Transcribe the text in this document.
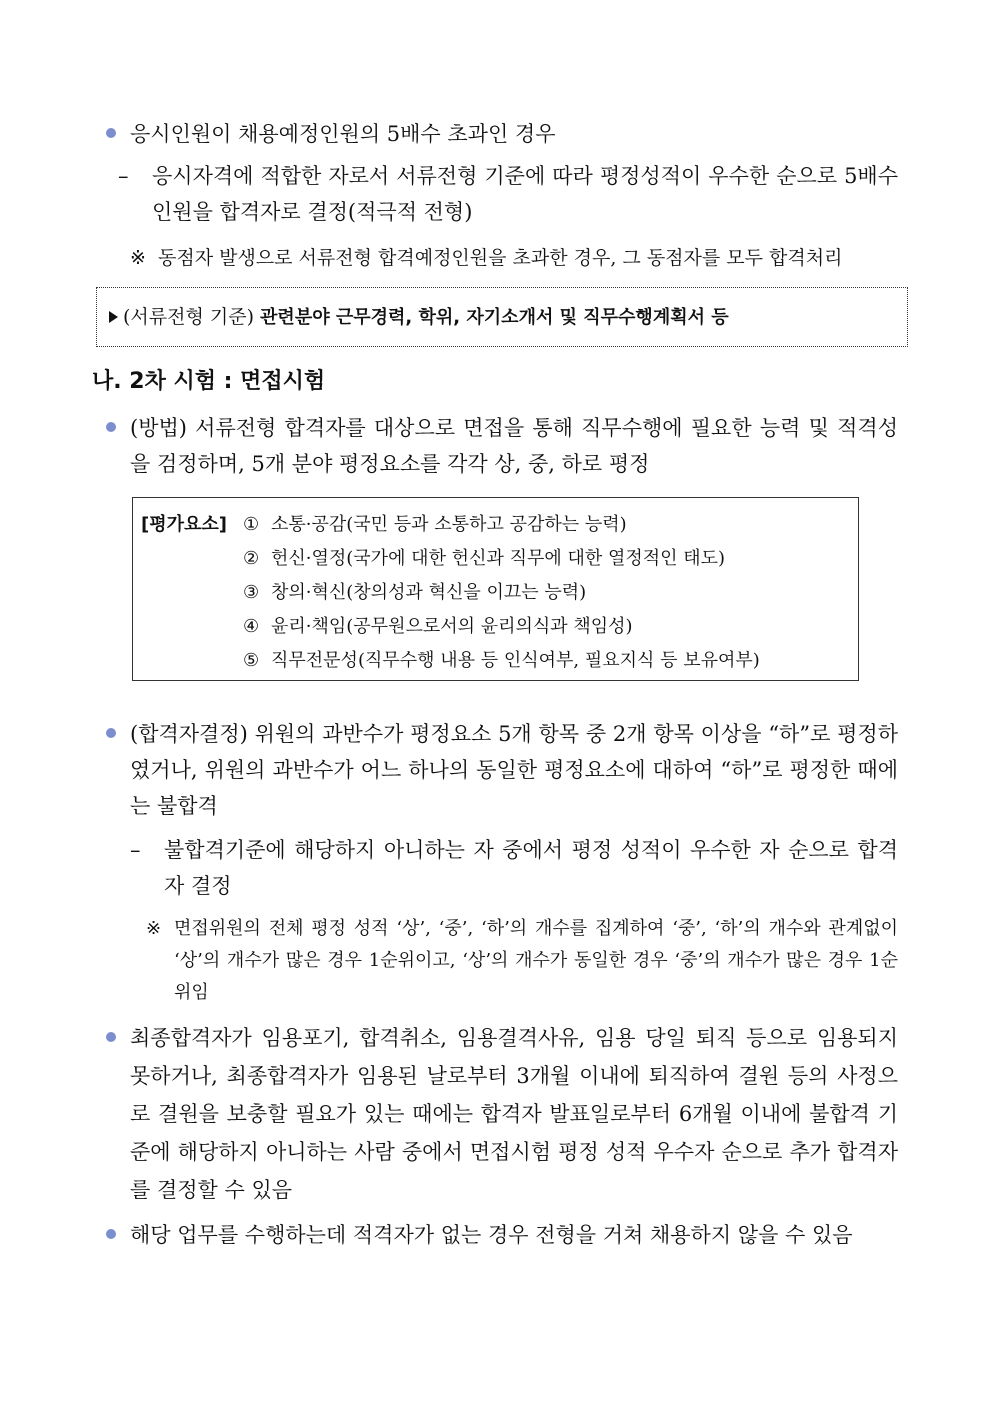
응시인원이 채용예정인원의 5배수 초과인 경우
– 응시자격에 적합한 자로서 서류전형 기준에 따라 평정성적이 우수한 순으로 5배수 인원을 합격자로 결정(적극적 전형)
※ 동점자 발생으로 서류전형 합격예정인원을 초과한 경우, 그 동점자를 모두 합격처리
(서류전형 기준) 관련분야 근무경력, 학위, 자기소개서 및 직무수행계획서 등
나. 2차 시험 : 면접시험
(방법) 서류전형 합격자를 대상으로 면접을 통해 직무수행에 필요한 능력 및 적격성을 검정하며, 5개 분야 평정요소를 각각 상, 중, 하로 평정
[평가요소] ① 소통·공감(국민 등과 소통하고 공감하는 능력)
② 헌신·열정(국가에 대한 헌신과 직무에 대한 열정적인 태도)
③ 창의·혁신(창의성과 혁신을 이끄는 능력)
④ 윤리·책임(공무원으로서의 윤리의식과 책임성)
⑤ 직무전문성(직무수행 내용 등 인식여부, 필요지식 등 보유여부)
(합격자결정) 위원의 과반수가 평정요소 5개 항목 중 2개 항목 이상을 “하”로 평정하였거나, 위원의 과반수가 어느 하나의 동일한 평정요소에 대하여 “하”로 평정한 때에는 불합격
– 불합격기준에 해당하지 아니하는 자 중에서 평정 성적이 우수한 자 순으로 합격자 결정
※ 면접위원의 전체 평정 성적 ‘상’, ‘중’, ‘하’의 개수를 집계하여 ‘중’, ‘하’의 개수와 관계없이 ‘상’의 개수가 많은 경우 1순위이고, ‘상’의 개수가 동일한 경우 ‘중’의 개수가 많은 경우 1순위임
최종합격자가 임용포기, 합격취소, 임용결격사유, 임용 당일 퇴직 등으로 임용되지 못하거나, 최종합격자가 임용된 날로부터 3개월 이내에 퇴직하여 결원 등의 사정으로 결원을 보충할 필요가 있는 때에는 합격자 발표일로부터 6개월 이내에 불합격 기준에 해당하지 아니하는 사람 중에서 면접시험 평정 성적 우수자 순으로 추가 합격자를 결정할 수 있음
해당 업무를 수행하는데 적격자가 없는 경우 전형을 거쳐 채용하지 않을 수 있음
